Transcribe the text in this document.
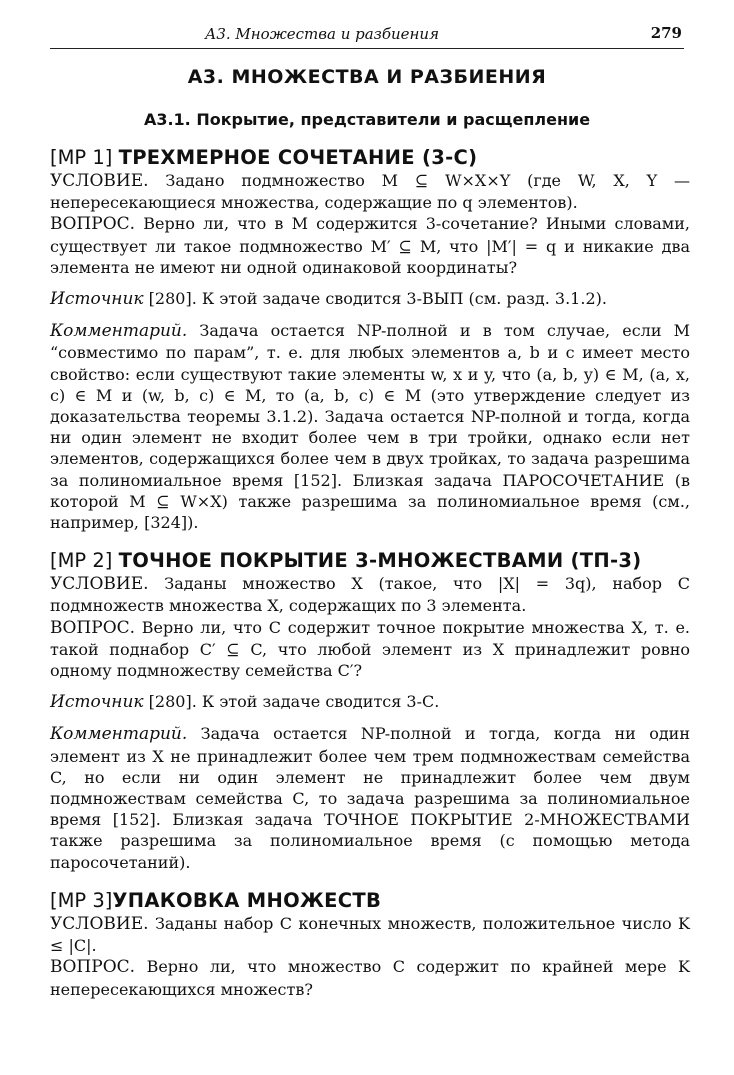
А3. Множества и разбиения	279
А3. МНОЖЕСТВА И РАЗБИЕНИЯ
А3.1. Покрытие, представители и расщепление
[МР 1] ТРЕХМЕРНОЕ СОЧЕТАНИЕ (3-С)

УСЛОВИЕ. Задано подмножество M ⊆ W×X×Y (где W, X, Y — непересекающиеся множества, содержащие по q элементов).

ВОПРОС. Верно ли, что в M содержится 3-сочетание? Иными словами, существует ли такое подмножество M′ ⊆ M, что |M′| = q и никакие два элемента не имеют ни одной одинаковой координаты?

Источник [280]. К этой задаче сводится 3-ВЫП (см. разд. 3.1.2).

Комментарий. Задача остается NP-полной и в том случае, если M “совместимо по парам”, т. е. для любых элементов a, b и c имеет место свойство: если существуют такие элементы w, x и y, что (a, b, y) ∈ M, (a, x, c) ∈ M и (w, b, c) ∈ M, то (a, b, c) ∈ M (это утверждение следует из доказательства теоремы 3.1.2). Задача остается NP-полной и тогда, когда ни один элемент не входит более чем в три тройки, однако если нет элементов, содержащихся более чем в двух тройках, то задача разрешима за полиномиальное время [152]. Близкая задача ПАРОСОЧЕТАНИЕ (в которой M ⊆ W×X) также разрешима за полиномиальное время (см., например, [324]).

[МР 2] ТОЧНОЕ ПОКРЫТИЕ 3-МНОЖЕСТВАМИ (ТП-3)

УСЛОВИЕ. Заданы множество X (такое, что |X| = 3q), набор C подмножеств множества X, содержащих по 3 элемента.

ВОПРОС. Верно ли, что C содержит точное покрытие множества X, т. е. такой поднабор C′ ⊆ C, что любой элемент из X принадлежит ровно одному подмножеству семейства C′?

Источник [280]. К этой задаче сводится 3-С.

Комментарий. Задача остается NP-полной и тогда, когда ни один элемент из X не принадлежит более чем трем подмножествам семейства C, но если ни один элемент не принадлежит более чем двум подмножествам семейства C, то задача разрешима за полиномиальное время [152]. Близкая задача ТОЧНОЕ ПОКРЫТИЕ 2-МНОЖЕСТВАМИ также разрешима за полиномиальное время (с помощью метода паросочетаний).

[МР 3]УПАКОВКА МНОЖЕСТВ

УСЛОВИЕ. Заданы набор C конечных множеств, положительное число K ≤ |C|.

ВОПРОС. Верно ли, что множество C содержит по крайней мере K непересекающихся множеств?
